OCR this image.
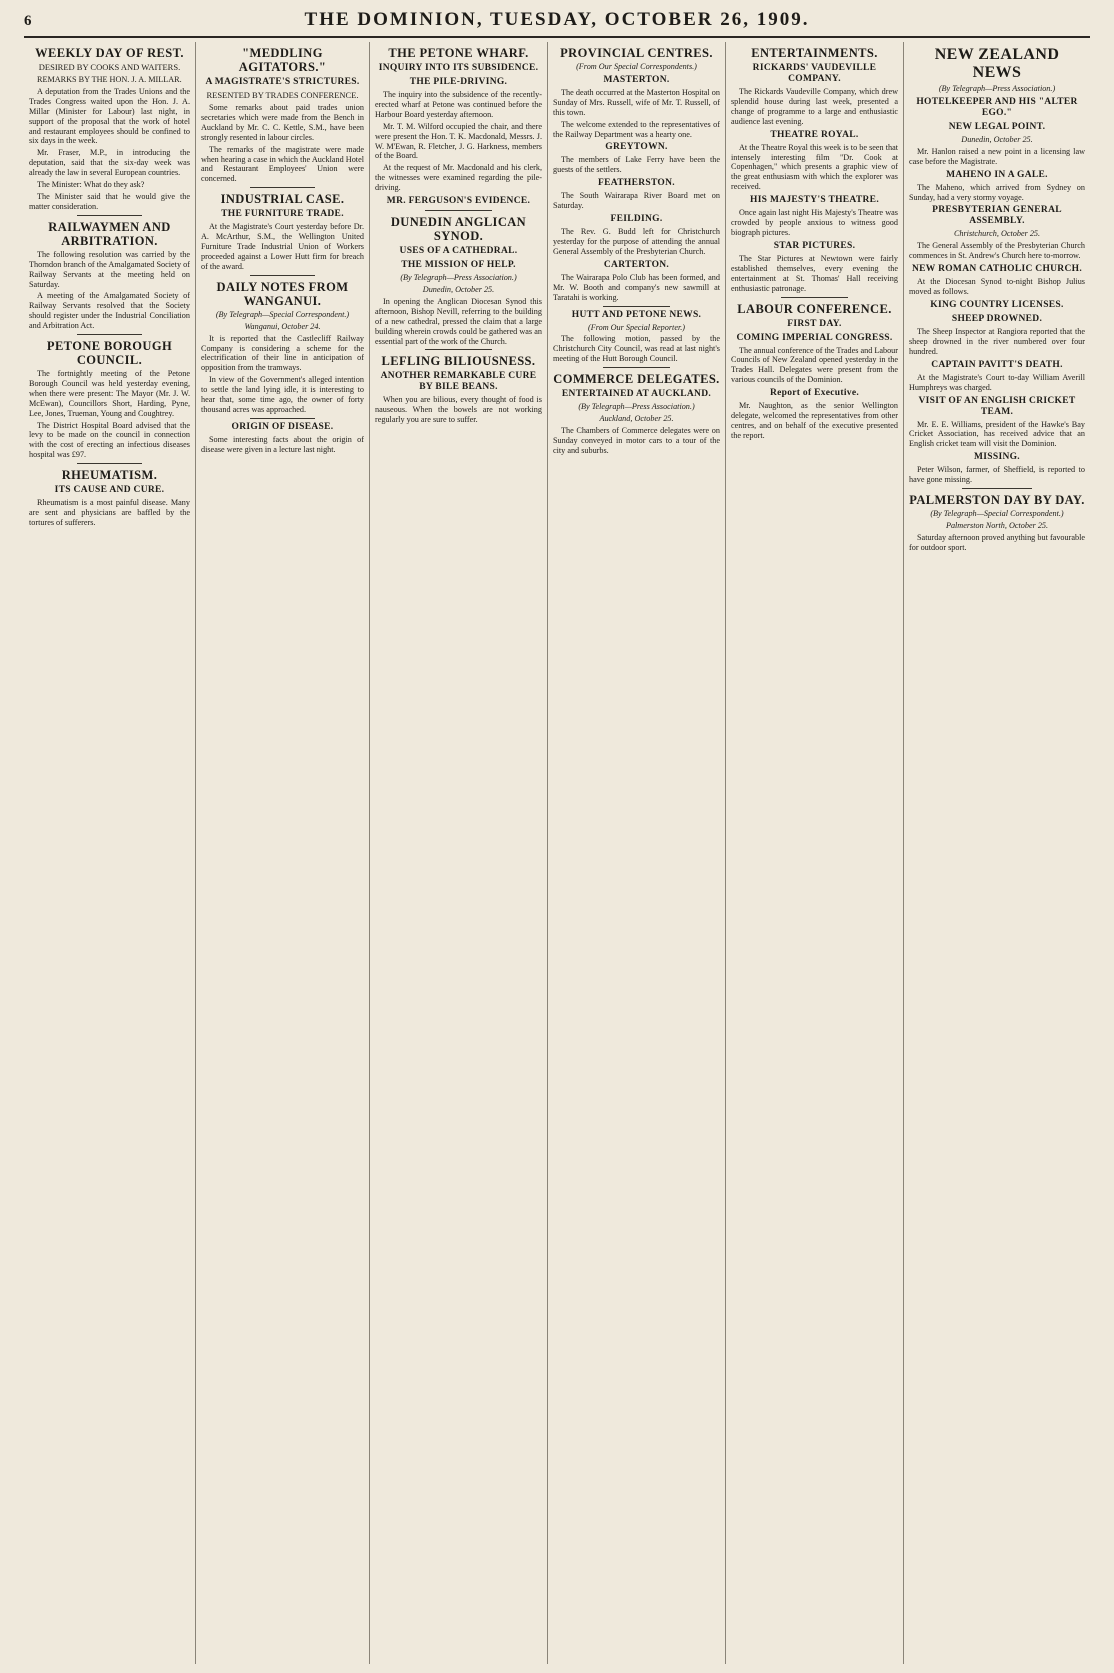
6	THE DOMINION, TUESDAY, OCTOBER 26, 1909.
WEEKLY DAY OF REST.
DESIRED BY COOKS AND WAITERS.

REMARKS BY THE HON. J. A. MILLAR.

A deputation from the Trades Unions and the Trades Congress waited upon the Hon. J. A. Millar (Minister for Labour) last night, in support of the proposal that the work of hotel and restaurant employees should be confined to six days in the week.

Mr. Fraser, M.P., in introducing the deputation, said that the six-day week was already the law in several European countries.

The Minister: What do they ask?

The Minister said that he would give the matter consideration.

RAILWAYMEN AND ARBITRATION.

The following resolution was carried by the Thorndon branch of the Amalgamated Society of Railway Servants at the meeting held on Saturday.

A meeting of the Amalgamated Society of Railway Servants resolved that the Society should register under the Industrial Conciliation and Arbitration Act.

PETONE BOROUGH COUNCIL.

The fortnightly meeting of the Petone Borough Council was held yesterday evening, when there were present: The Mayor (Mr. J. W. McEwan), Councillors Short, Harding, Pyne, Lee, Jones, Trueman, Young and Coughtrey.

The District Hospital Board advised that the levy to be made on the council in connection with the cost of erecting an infectious diseases hospital was £97.

RHEUMATISM.
ITS CAUSE AND CURE.

Rheumatism is a most painful disease. Many are sent and physicians are baffled by the tortures of sufferers.

"MEDDLING AGITATORS."
A MAGISTRATE'S STRICTURES.
RESENTED BY TRADES CONFERENCE.

Some remarks about paid trades union secretaries which were made from the Bench in Auckland by Mr. C. C. Kettle, S.M., have been strongly resented in labour circles.

The remarks of the magistrate were made when hearing a case in which the Auckland Hotel and Restaurant Employees' Union were concerned.

INDUSTRIAL CASE.
THE FURNITURE TRADE.

At the Magistrate's Court yesterday before Dr. A. McArthur, S.M., the Wellington United Furniture Trade Industrial Union of Workers proceeded against a Lower Hutt firm for breach of the award.

DAILY NOTES FROM WANGANUI.

(By Telegraph—Special Correspondent.)

Wanganui, October 24.

It is reported that the Castlecliff Railway Company is considering a scheme for the electrification of their line in anticipation of opposition from the tramways.

In view of the Government's alleged intention to settle the land lying idle, it is interesting to hear that, some time ago, the owner of forty thousand acres was approached.

ORIGIN OF DISEASE.

Some interesting facts about the origin of disease were given in a lecture last night.

THE PETONE WHARF.
INQUIRY INTO ITS SUBSIDENCE.
THE PILE-DRIVING.

The inquiry into the subsidence of the recently-erected wharf at Petone was continued before the Harbour Board yesterday afternoon.

Mr. T. M. Wilford occupied the chair, and there were present the Hon. T. K. Macdonald, Messrs. J. W. M'Ewan, R. Fletcher, J. G. Harkness, members of the Board.

At the request of Mr. Macdonald and his clerk, the witnesses were examined regarding the pile-driving.

MR. FERGUSON'S EVIDENCE.
DUNEDIN ANGLICAN SYNOD.
USES OF A CATHEDRAL.
THE MISSION OF HELP.

(By Telegraph—Press Association.)

Dunedin, October 25.

In opening the Anglican Diocesan Synod this afternoon, Bishop Nevill, referring to the building of a new cathedral, pressed the claim that a large building wherein crowds could be gathered was an essential part of the work of the Church.

LEFLING BILIOUSNESS.
ANOTHER REMARKABLE CURE BY BILE BEANS.

When you are bilious, every thought of food is nauseous. When the bowels are not working regularly you are sure to suffer.

PROVINCIAL CENTRES.

(From Our Special Correspondents.)

MASTERTON.

The death occurred at the Masterton Hospital on Sunday of Mrs. Russell, wife of Mr. T. Russell, of this town.

The welcome extended to the representatives of the Railway Department was a hearty one.

GREYTOWN.

The members of Lake Ferry have been the guests of the settlers.

FEATHERSTON.

The South Wairarapa River Board met on Saturday.

FEILDING.

The Rev. G. Budd left for Christchurch yesterday for the purpose of attending the annual General Assembly of the Presbyterian Church.

CARTERTON.

The Wairarapa Polo Club has been formed, and Mr. W. Booth and company's new sawmill at Taratahi is working.

HUTT AND PETONE NEWS.

(From Our Special Reporter.)

The following motion, passed by the Christchurch City Council, was read at last night's meeting of the Hutt Borough Council.

COMMERCE DELEGATES.
ENTERTAINED AT AUCKLAND.

(By Telegraph—Press Association.)

Auckland, October 25.

The Chambers of Commerce delegates were on Sunday conveyed in motor cars to a tour of the city and suburbs.

ENTERTAINMENTS.
RICKARDS' VAUDEVILLE COMPANY.

The Rickards Vaudeville Company, which drew splendid house during last week, presented a change of programme to a large and enthusiastic audience last evening.

THEATRE ROYAL.

At the Theatre Royal this week is to be seen that intensely interesting film "Dr. Cook at Copenhagen," which presents a graphic view of the great enthusiasm with which the explorer was received.

HIS MAJESTY'S THEATRE.

Once again last night His Majesty's Theatre was crowded by people anxious to witness good biograph pictures.

STAR PICTURES.

The Star Pictures at Newtown were fairly established themselves, every evening the entertainment at St. Thomas' Hall receiving enthusiastic patronage.

LABOUR CONFERENCE.
FIRST DAY.
COMING IMPERIAL CONGRESS.

The annual conference of the Trades and Labour Councils of New Zealand opened yesterday in the Trades Hall. Delegates were present from the various councils of the Dominion.

Report of Executive.

Mr. Naughton, as the senior Wellington delegate, welcomed the representatives from other centres, and on behalf of the executive presented the report.

NEW ZEALAND NEWS

(By Telegraph—Press Association.)

HOTELKEEPER AND HIS "ALTER EGO."
NEW LEGAL POINT.

Dunedin, October 25.

Mr. Hanlon raised a new point in a licensing law case before the Magistrate.

MAHENO IN A GALE.

The Maheno, which arrived from Sydney on Sunday, had a very stormy voyage.

PRESBYTERIAN GENERAL ASSEMBLY.

Christchurch, October 25.

The General Assembly of the Presbyterian Church commences in St. Andrew's Church here to-morrow.

NEW ROMAN CATHOLIC CHURCH.

At the Diocesan Synod to-night Bishop Julius moved as follows.

KING COUNTRY LICENSES.
SHEEP DROWNED.

The Sheep Inspector at Rangiora reported that the sheep drowned in the river numbered over four hundred.

CAPTAIN PAVITT'S DEATH.

At the Magistrate's Court to-day William Averill Humphreys was charged.

VISIT OF AN ENGLISH CRICKET TEAM.

Mr. E. E. Williams, president of the Hawke's Bay Cricket Association, has received advice that an English cricket team will visit the Dominion.

MISSING.

Peter Wilson, farmer, of Sheffield, is reported to have gone missing.

PALMERSTON DAY BY DAY.

(By Telegraph—Special Correspondent.)

Palmerston North, October 25.

Saturday afternoon proved anything but favourable for outdoor sport.
